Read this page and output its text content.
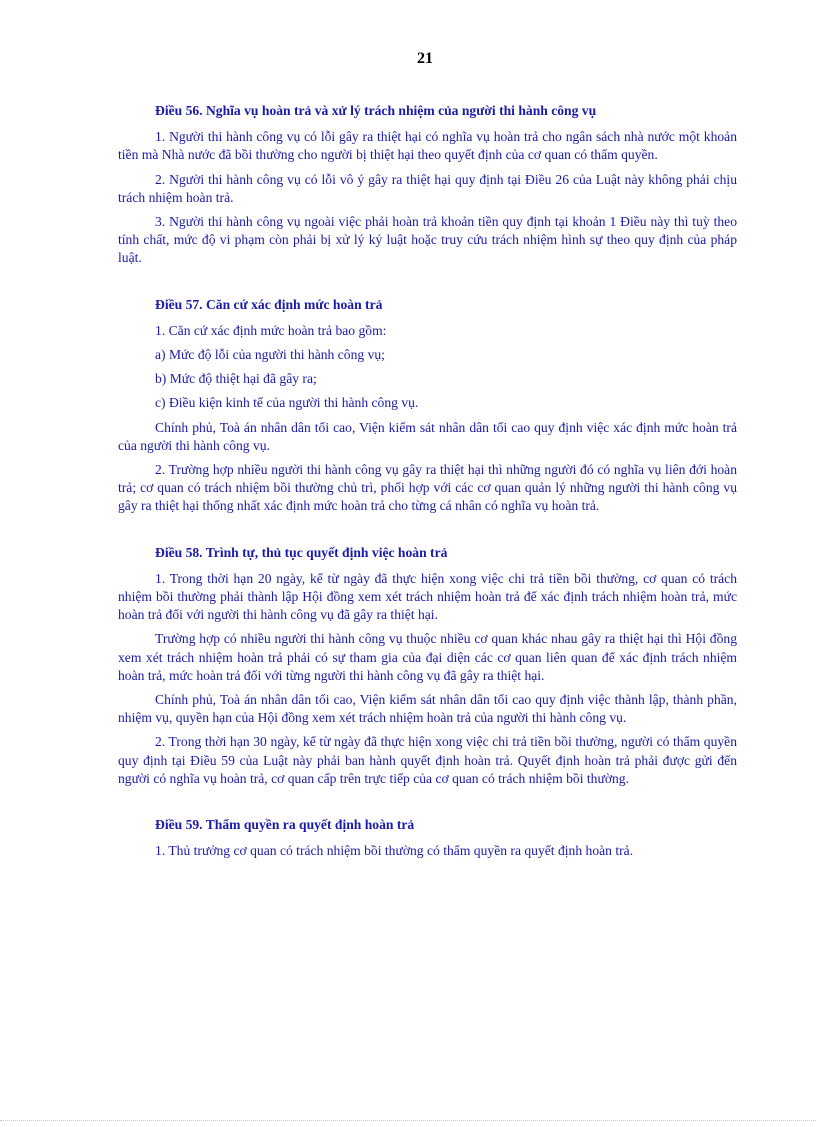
21

Điều 56. Nghĩa vụ hoàn trả và xử lý trách nhiệm của người thi hành công vụ

1. Người thi hành công vụ có lỗi gây ra thiệt hại có nghĩa vụ hoàn trả cho ngân sách nhà nước một khoản tiền mà Nhà nước đã bồi thường cho người bị thiệt hại theo quyết định của cơ quan có thẩm quyền.

2. Người thi hành công vụ có lỗi vô ý gây ra thiệt hại quy định tại Điều 26 của Luật này không phải chịu trách nhiệm hoàn trả.

3. Người thi hành công vụ ngoài việc phải hoàn trả khoản tiền quy định tại khoản 1 Điều này thì tuỳ theo tính chất, mức độ vi phạm còn phải bị xử lý kỷ luật hoặc truy cứu trách nhiệm hình sự theo quy định của pháp luật.

Điều 57. Căn cứ xác định mức hoàn trả

1. Căn cứ xác định mức hoàn trả bao gồm:

a) Mức độ lỗi của người thi hành công vụ;

b) Mức độ thiệt hại đã gây ra;

c) Điều kiện kinh tế của người thi hành công vụ.

Chính phủ, Toà án nhân dân tối cao, Viện kiểm sát nhân dân tối cao quy định việc xác định mức hoàn trả của người thi hành công vụ.

2. Trường hợp nhiều người thi hành công vụ gây ra thiệt hại thì những người đó có nghĩa vụ liên đới hoàn trả; cơ quan có trách nhiệm bồi thường chủ trì, phối hợp với các cơ quan quản lý những người thi hành công vụ gây ra thiệt hại thống nhất xác định mức hoàn trả cho từng cá nhân có nghĩa vụ hoàn trả.

Điều 58. Trình tự, thủ tục quyết định việc hoàn trả

1. Trong thời hạn 20 ngày, kể từ ngày đã thực hiện xong việc chi trả tiền bồi thường, cơ quan có trách nhiệm bồi thường phải thành lập Hội đồng xem xét trách nhiệm hoàn trả để xác định trách nhiệm hoàn trả, mức hoàn trả đối với người thi hành công vụ đã gây ra thiệt hại.

Trường hợp có nhiều người thi hành công vụ thuộc nhiều cơ quan khác nhau gây ra thiệt hại thì Hội đồng xem xét trách nhiệm hoàn trả phải có sự tham gia của đại diện các cơ quan liên quan để xác định trách nhiệm hoàn trả, mức hoàn trả đối với từng người thi hành công vụ đã gây ra thiệt hại.

Chính phủ, Toà án nhân dân tối cao, Viện kiểm sát nhân dân tối cao quy định việc thành lập, thành phần, nhiệm vụ, quyền hạn của Hội đồng xem xét trách nhiệm hoàn trả của người thi hành công vụ.

2. Trong thời hạn 30 ngày, kể từ ngày đã thực hiện xong việc chi trả tiền bồi thường, người có thẩm quyền quy định tại Điều 59 của Luật này phải ban hành quyết định hoàn trả. Quyết định hoàn trả phải được gửi đến người có nghĩa vụ hoàn trả, cơ quan cấp trên trực tiếp của cơ quan có trách nhiệm bồi thường.

Điều 59. Thẩm quyền ra quyết định hoàn trả

1. Thủ trưởng cơ quan có trách nhiệm bồi thường có thẩm quyền ra quyết định hoàn trả.
